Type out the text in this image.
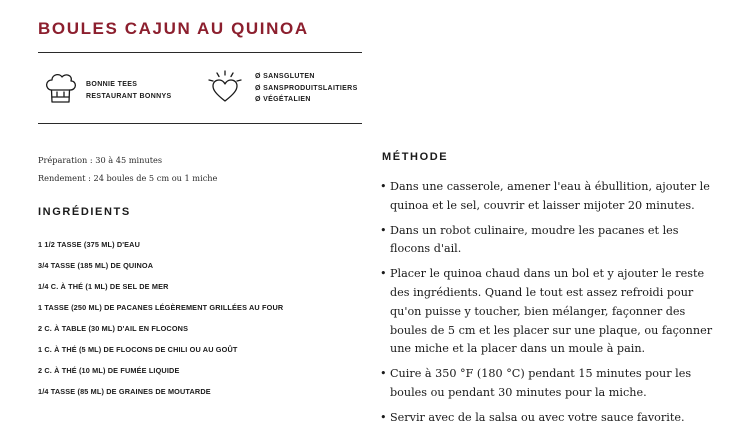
BOULES CAJUN AU QUINOA
BONNIE TEES
RESTAURANT BONNYS
Ø SANSGLUTEN
Ø SANSPRODUITSLAITIERS
Ø VÉGÉTALIEN
Préparation : 30 à 45 minutes
Rendement : 24 boules de 5 cm ou 1 miche
INGRÉDIENTS
1 1/2 TASSE (375 ML) D'EAU
3/4 TASSE (185 ML) DE QUINOA
1/4 C. À THÉ (1 ML) DE SEL DE MER
1 TASSE (250 ML) DE PACANES LÉGÈREMENT GRILLÉES AU FOUR
2 C. À TABLE (30 ML) D'AIL EN FLOCONS
1 C. À THÉ (5 ML) DE FLOCONS DE CHILI OU AU GOÛT
2 C. À THÉ (10 ML) DE FUMÉE LIQUIDE
1/4 TASSE (85 ML) DE GRAINES DE MOUTARDE
MÉTHODE
• Dans une casserole, amener l'eau à ébullition, ajouter le quinoa et le sel, couvrir et laisser mijoter 20 minutes.
• Dans un robot culinaire, moudre les pacanes et les flocons d'ail.
• Placer le quinoa chaud dans un bol et y ajouter le reste des ingrédients. Quand le tout est assez refroidi pour qu'on puisse y toucher, bien mélanger, façonner des boules de 5 cm et les placer sur une plaque, ou façonner une miche et la placer dans un moule à pain.
• Cuire à 350 °F (180 °C) pendant 15 minutes pour les boules ou pendant 30 minutes pour la miche.
• Servir avec de la salsa ou avec votre sauce favorite.
